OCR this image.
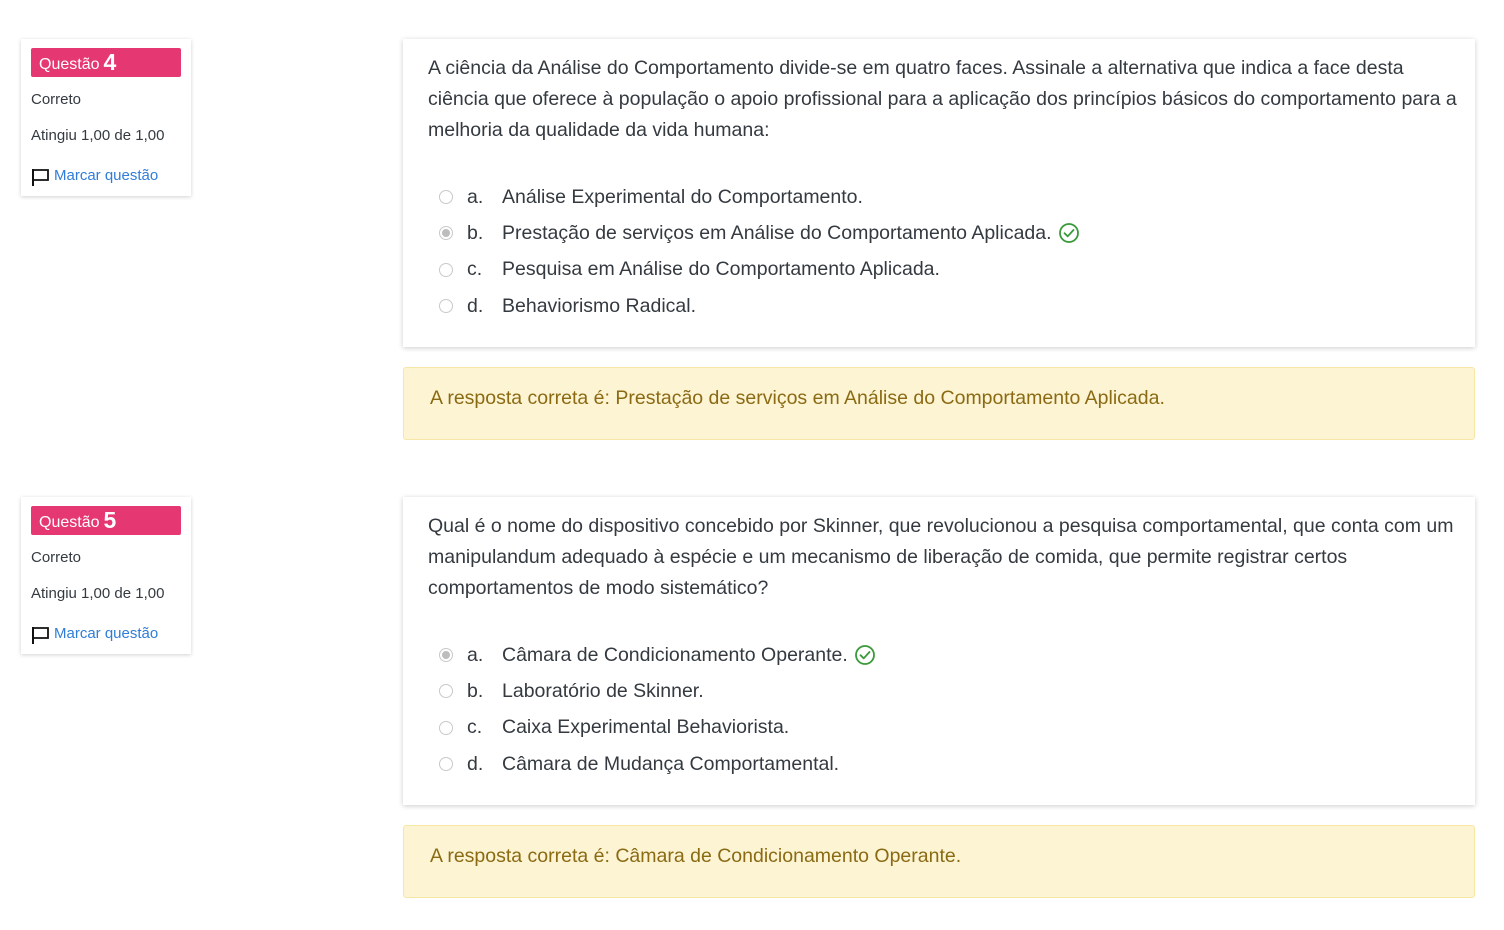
Questão 4
Correto
Atingiu 1,00 de 1,00
Marcar questão
A ciência da Análise do Comportamento divide-se em quatro faces. Assinale a alternativa que indica a face desta ciência que oferece à população o apoio profissional para a aplicação dos princípios básicos do comportamento para a melhoria da qualidade da vida humana:
a. Análise Experimental do Comportamento.
b. Prestação de serviços em Análise do Comportamento Aplicada.
c.	Pesquisa em Análise do Comportamento Aplicada.
d. Behaviorismo Radical.
A resposta correta é: Prestação de serviços em Análise do Comportamento Aplicada.
Questão 5
Correto
Atingiu 1,00 de 1,00
Marcar questão
Qual é o nome do dispositivo concebido por Skinner, que revolucionou a pesquisa comportamental, que conta com um manipulandum adequado à espécie e um mecanismo de liberação de comida, que permite registrar certos comportamentos de modo sistemático?
a. Câmara de Condicionamento Operante.
b. Laboratório de Skinner.
c.	Caixa Experimental Behaviorista.
d. Câmara de Mudança Comportamental.
A resposta correta é: Câmara de Condicionamento Operante.
